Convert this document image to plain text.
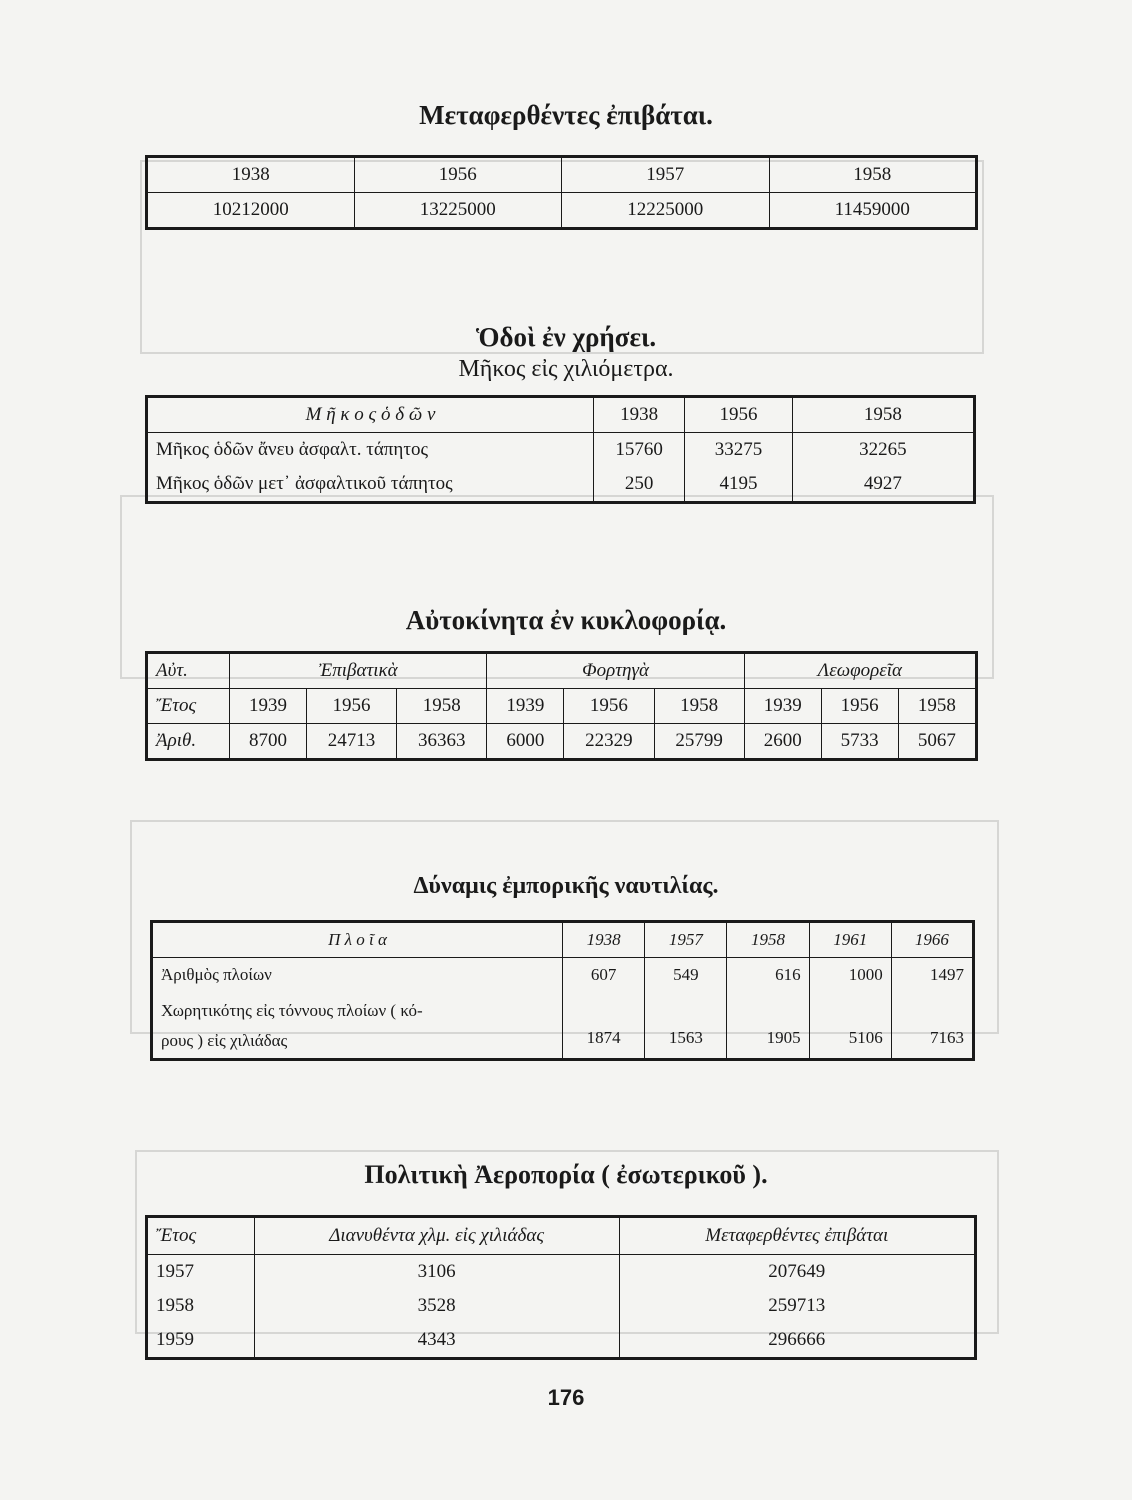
Μεταφερθέντες ἐπιβάται.
1938	1956	1957	1958
10212000	13225000	12225000	11459000
Ὁδοὶ ἐν χρήσει.
Μῆκος εἰς χιλιόμετρα.
Μ ῆ κ ο ς ὁ δ ῶ ν	1938	1956	1958
Μῆκος ὁδῶν ἄνευ ἀσφαλτ. τάπητος	15760	33275	32265
Μῆκος ὁδῶν μετ᾽ ἀσφαλτικοῦ τάπητος	250	4195	4927
Αὐτοκίνητα ἐν κυκλοφορίᾳ.
Αὐτ.	Ἐπιβατικὰ			Φορτηγὰ			Λεωφορεῖα		
Ἔτος	1939	1956	1958	1939	1956	1958	1939	1956	1958
Ἀριθ.	8700	24713	36363	6000	22329	25799	2600	5733	5067
Δύναμις ἐμπορικῆς ναυτιλίας.
Π λ ο ῖ α	1938	1957	1958	1961	1966
Ἀριθμὸς πλοίων	607	549	616	1000	1497

Χωρητικότης εἰς τόννους πλοίων ( κό-
ρους ) εἰς χιλιάδας	1874	1563	1905	5106	7163
Πολιτικὴ Ἀεροπορία ( ἐσωτερικοῦ ).
Ἔτος	Διανυθέντα χλμ. εἰς χιλιάδας	Μεταφερθέντες ἐπιβάται
1957	3106	207649
1958	3528	259713
1959	4343	296666
176
